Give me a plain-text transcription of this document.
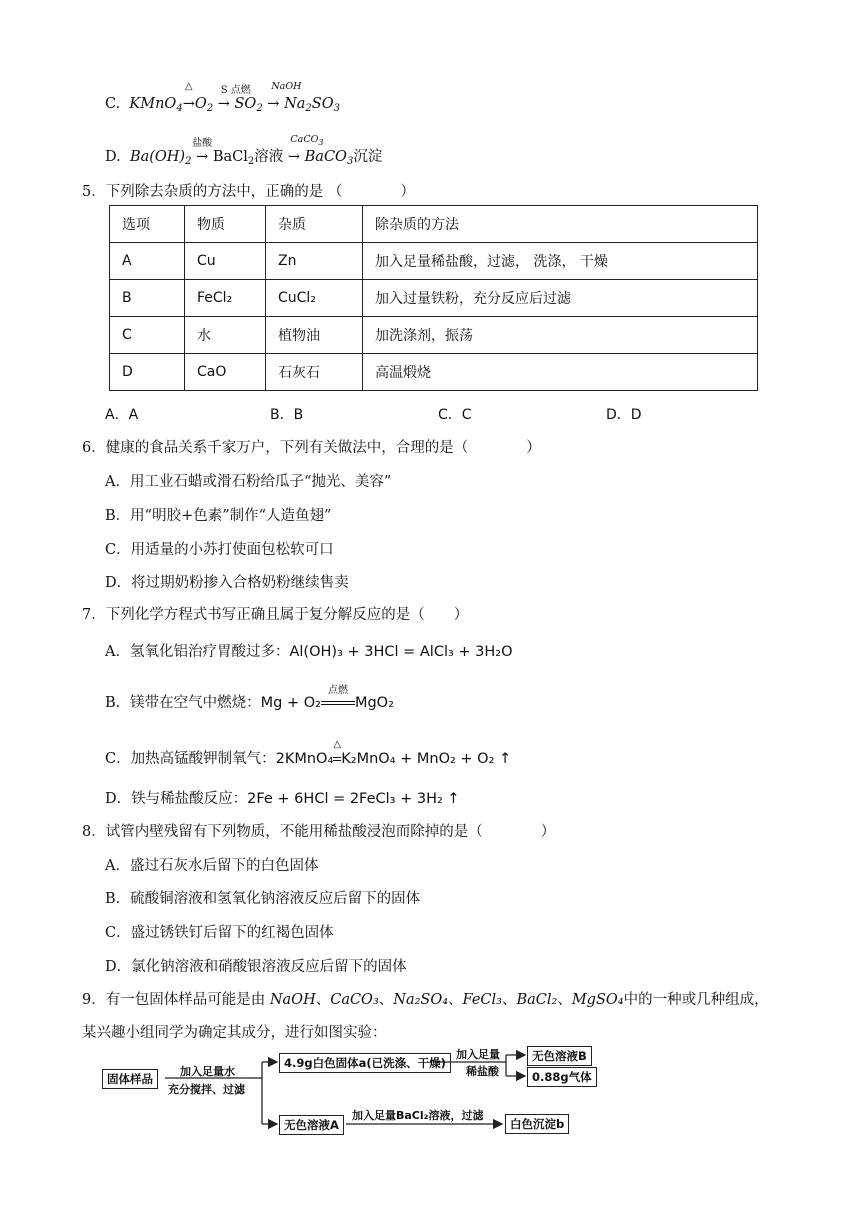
C. KMnO$_4$
△
$\to O_2$
S 点燃
→ $SO_2$
NaOH
→ $Na_2SO_3$
D. $Ba(OH)_2$
盐酸
→ BaCl$_2$溶液
CaCO$_3$
→ BaCO$_3$沉淀
5．下列除去杂质的方法中，正确的是 （　　　　）
选项	物质	杂质	除杂质的方法
A	Cu	Zn	加入足量稀盐酸，过滤， 洗涤， 干燥
B	FeCl₂	CuCl₂	加入过量铁粉，充分反应后过滤
C	水	植物油	加洗涤剂，振荡
D	CaO	石灰石	高温煅烧
A．A	B．B	C．C	D．D
6．健康的食品关系千家万户，下列有关做法中，合理的是（　　　　）
A．用工业石蜡或滑石粉给瓜子“抛光、美容”
B．用“明胶+色素”制作“人造鱼翅”
C．用适量的小苏打使面包松软可口
D．将过期奶粉掺入合格奶粉继续售卖
7．下列化学方程式书写正确且属于复分解反应的是（　　）
A．氢氧化铝治疗胃酸过多：Al(OH)₃ + 3HCl = AlCl₃ + 3H₂O
B．镁带在空气中燃烧：Mg + O₂
点燃
MgO₂
C．加热高锰酸钾制氧气：2KMnO₄
△
K₂MnO₄ + MnO₂ + O₂ ↑
D．铁与稀盐酸反应：2Fe + 6HCl = 2FeCl₃ + 3H₂ ↑
8．试管内壁残留有下列物质，不能用稀盐酸浸泡而除掉的是（　　　　）
A．盛过石灰水后留下的白色固体
B．硫酸铜溶液和氢氧化钠溶液反应后留下的固体
C．盛过锈铁钉后留下的红褐色固体
D．氯化钠溶液和硝酸银溶液反应后留下的固体
9．有一包固体样品可能是由 NaOH、CaCO₃、Na₂SO₄、FeCl₃、BaCl₂、MgSO₄中的一种或几种组成，
某兴趣小组同学为确定其成分，进行如图实验：
固体样品
加入足量水
充分搅拌、过滤
4.9g白色固体a(已洗涤、干燥)
加入足量
稀盐酸
无色溶液B
0.88g气体
无色溶液A
加入足量BaCl₂溶液，过滤
白色沉淀b
